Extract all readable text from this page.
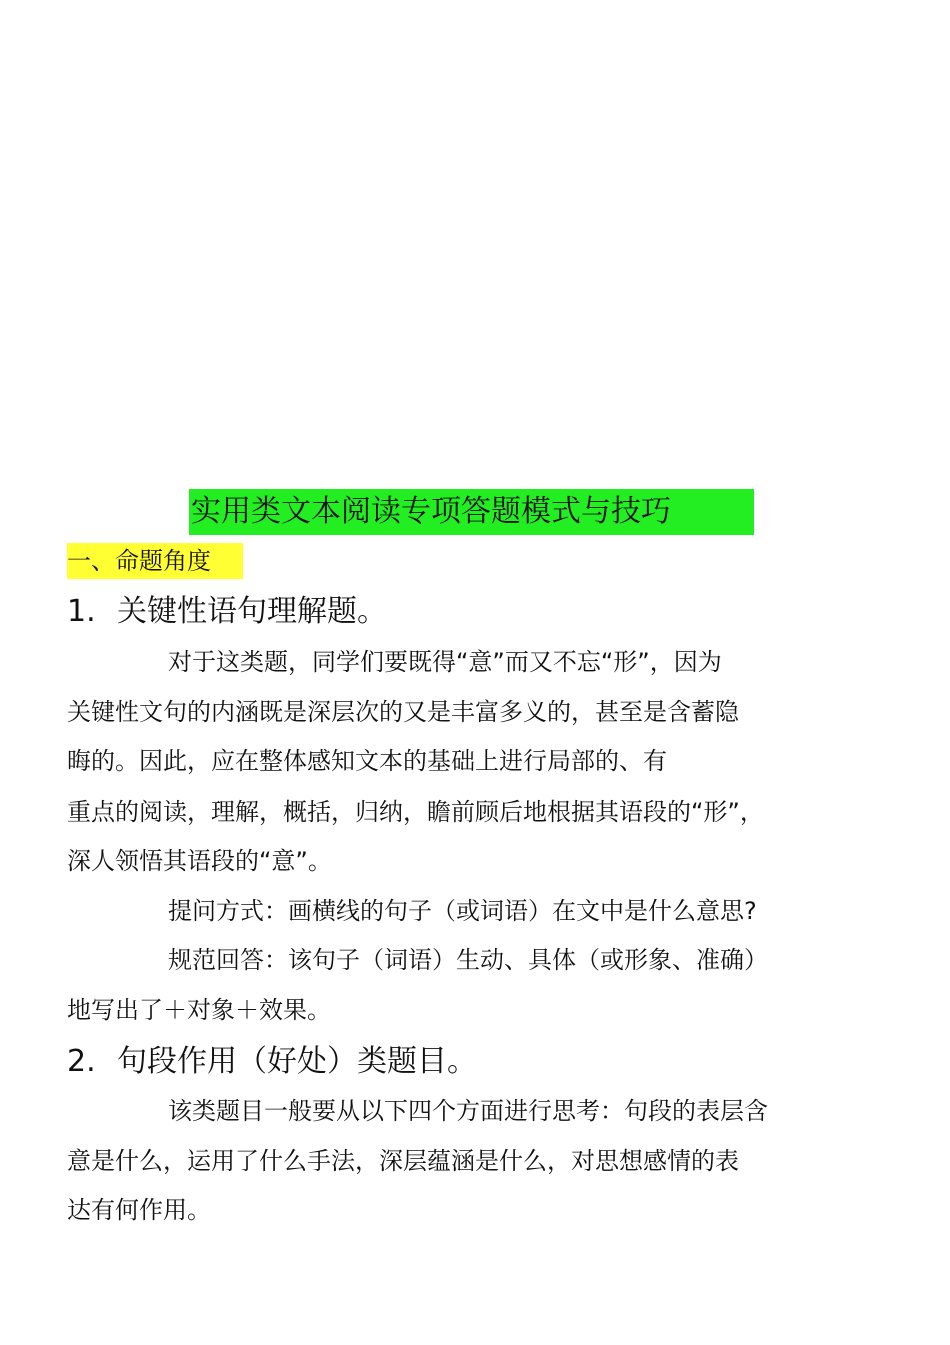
实用类文本阅读专项答题模式与技巧
一、命题角度
1. 关键性语句理解题。
对于这类题，同学们要既得“意”而又不忘“形”，因为
关键性文句的内涵既是深层次的又是丰富多义的，甚至是含蓄隐
晦的。因此，应在整体感知文本的基础上进行局部的、有
重点的阅读，理解，概括，归纳，瞻前顾后地根据其语段的“形”，
深人领悟其语段的“意”。
提问方式：画横线的句子（或词语）在文中是什么意思?
规范回答：该句子（词语）生动、具体（或形象、准确）
地写出了＋对象＋效果。
2. 句段作用（好处）类题目。
该类题目一般要从以下四个方面进行思考：句段的表层含
意是什么，运用了什么手法，深层蕴涵是什么，对思想感情的表
达有何作用。
